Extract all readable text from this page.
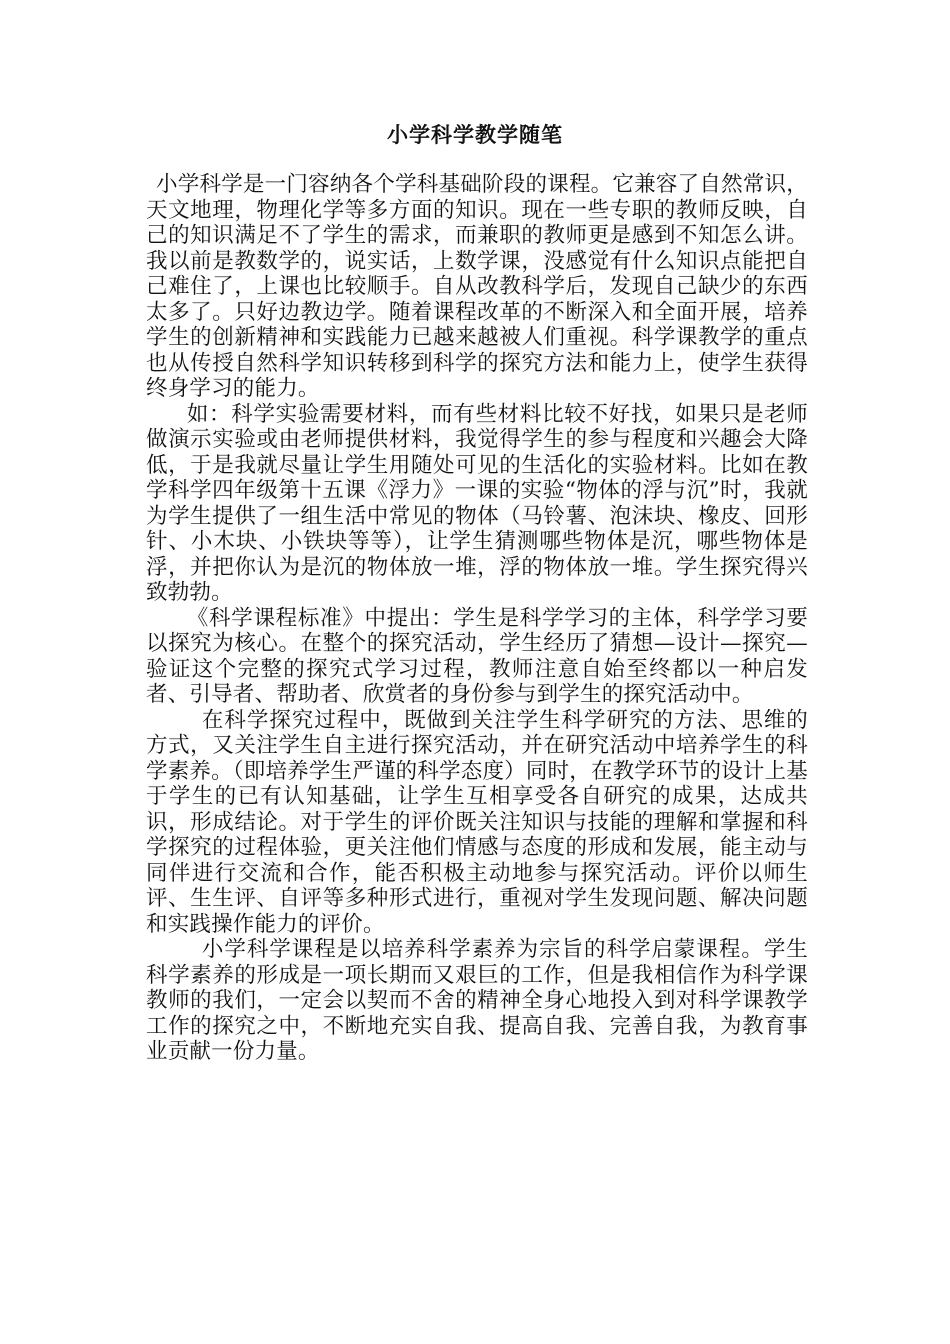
小学科学教学随笔

小学科学是一门容纳各个学科基础阶段的课程。它兼容了自然常识，天文地理，物理化学等多方面的知识。现在一些专职的教师反映，自己的知识满足不了学生的需求，而兼职的教师更是感到不知怎么讲。我以前是教数学的，说实话，上数学课，没感觉有什么知识点能把自己难住了，上课也比较顺手。自从改教科学后，发现自己缺少的东西太多了。只好边教边学。随着课程改革的不断深入和全面开展，培养学生的创新精神和实践能力已越来越被人们重视。科学课教学的重点也从传授自然科学知识转移到科学的探究方法和能力上，使学生获得终身学习的能力。

如：科学实验需要材料，而有些材料比较不好找，如果只是老师做演示实验或由老师提供材料，我觉得学生的参与程度和兴趣会大降低，于是我就尽量让学生用随处可见的生活化的实验材料。比如在教学科学四年级第十五课《浮力》一课的实验“物体的浮与沉”时，我就为学生提供了一组生活中常见的物体（马铃薯、泡沫块、橡皮、回形针、小木块、小铁块等等），让学生猜测哪些物体是沉，哪些物体是浮，并把你认为是沉的物体放一堆，浮的物体放一堆。学生探究得兴致勃勃。

《科学课程标准》中提出：学生是科学学习的主体，科学学习要以探究为核心。在整个的探究活动，学生经历了猜想—设计—探究—验证这个完整的探究式学习过程，教师注意自始至终都以一种启发者、引导者、帮助者、欣赏者的身份参与到学生的探究活动中。

在科学探究过程中，既做到关注学生科学研究的方法、思维的方式，又关注学生自主进行探究活动，并在研究活动中培养学生的科学素养。（即培养学生严谨的科学态度）同时，在教学环节的设计上基于学生的已有认知基础，让学生互相享受各自研究的成果，达成共识，形成结论。对于学生的评价既关注知识与技能的理解和掌握和科学探究的过程体验，更关注他们情感与态度的形成和发展，能主动与同伴进行交流和合作，能否积极主动地参与探究活动。评价以师生评、生生评、自评等多种形式进行，重视对学生发现问题、解决问题和实践操作能力的评价。

小学科学课程是以培养科学素养为宗旨的科学启蒙课程。学生科学素养的形成是一项长期而又艰巨的工作，但是我相信作为科学课教师的我们，一定会以契而不舍的精神全身心地投入到对科学课教学工作的探究之中，不断地充实自我、提高自我、完善自我，为教育事业贡献一份力量。
